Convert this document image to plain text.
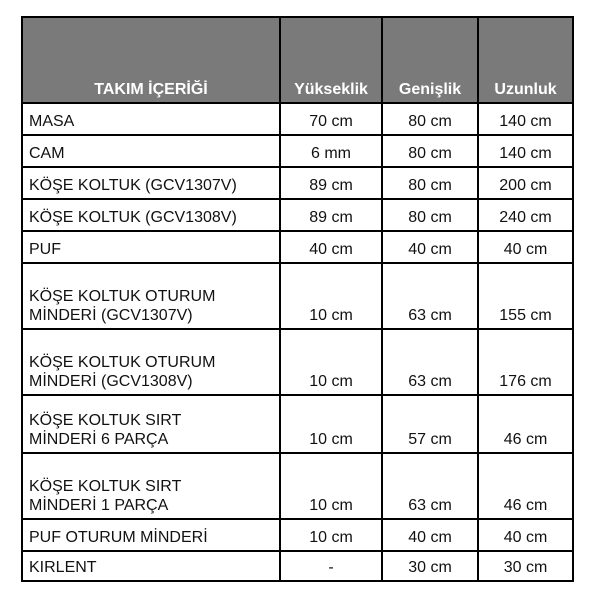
TAKIM İÇERİĞİ	Yükseklik	Genişlik	Uzunluk

MASA	70 cm	80 cm	140 cm

CAM	6 mm	80 cm	140 cm

KÖŞE KOLTUK (GCV1307V)	89 cm	80 cm	200 cm

KÖŞE KOLTUK (GCV1308V)	89 cm	80 cm	240 cm

PUF	40 cm	40 cm	40 cm

KÖŞE KOLTUK OTURUM
MİNDERİ (GCV1307V)	10 cm	63 cm	155 cm

KÖŞE KOLTUK OTURUM
MİNDERİ (GCV1308V)	10 cm	63 cm	176 cm

KÖŞE KOLTUK SIRT
MİNDERİ 6 PARÇA	10 cm	57 cm	46 cm

KÖŞE KOLTUK SIRT
MİNDERİ 1 PARÇA	10 cm	63 cm	46 cm

PUF OTURUM MİNDERİ	10 cm	40 cm	40 cm

KIRLENT	-	30 cm	30 cm
